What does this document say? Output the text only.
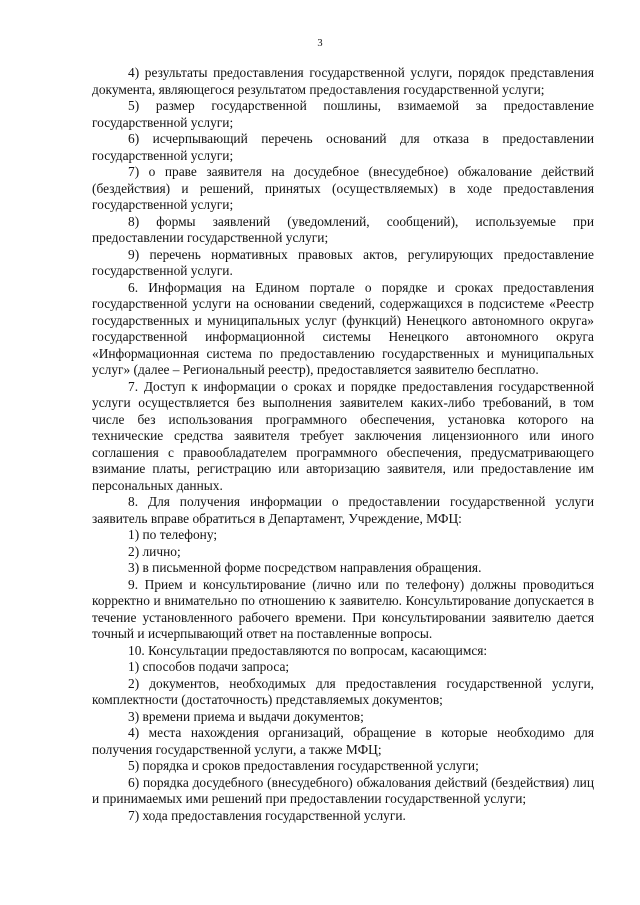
3

4) результаты предоставления государственной услуги, порядок представления документа, являющегося результатом предоставления государственной услуги;

5) размер государственной пошлины, взимаемой за предоставление государственной услуги;

6) исчерпывающий перечень оснований для отказа в предоставлении государственной услуги;

7) о праве заявителя на досудебное (внесудебное) обжалование действий (бездействия) и решений, принятых (осуществляемых) в ходе предоставления государственной услуги;

8) формы заявлений (уведомлений, сообщений), используемые при предоставлении государственной услуги;

9) перечень нормативных правовых актов, регулирующих предоставление государственной услуги.

6. Информация на Едином портале о порядке и сроках предоставления государственной услуги на основании сведений, содержащихся в подсистеме «Реестр государственных и муниципальных услуг (функций) Ненецкого автономного округа» государственной информационной системы Ненецкого автономного округа «Информационная система по предоставлению государственных и муниципальных услуг» (далее – Региональный реестр), предоставляется заявителю бесплатно.

7. Доступ к информации о сроках и порядке предоставления государственной услуги осуществляется без выполнения заявителем каких-либо требований, в том числе без использования программного обеспечения, установка которого на технические средства заявителя требует заключения лицензионного или иного соглашения с правообладателем программного обеспечения, предусматривающего взимание платы, регистрацию или авторизацию заявителя, или предоставление им персональных данных.

8. Для получения информации о предоставлении государственной услуги заявитель вправе обратиться в Департамент, Учреждение, МФЦ:

1) по телефону;

2) лично;

3) в письменной форме посредством направления обращения.

9. Прием и консультирование (лично или по телефону) должны проводиться корректно и внимательно по отношению к заявителю. Консультирование допускается в течение установленного рабочего времени. При консультировании заявителю дается точный и исчерпывающий ответ на поставленные вопросы.

10. Консультации предоставляются по вопросам, касающимся:

1) способов подачи запроса;

2) документов, необходимых для предоставления государственной услуги, комплектности (достаточность) представляемых документов;

3) времени приема и выдачи документов;

4) места нахождения организаций, обращение в которые необходимо для получения государственной услуги, а также МФЦ;

5) порядка и сроков предоставления государственной услуги;

6) порядка досудебного (внесудебного) обжалования действий (бездействия) лиц и принимаемых ими решений при предоставлении государственной услуги;

7) хода предоставления государственной услуги.
